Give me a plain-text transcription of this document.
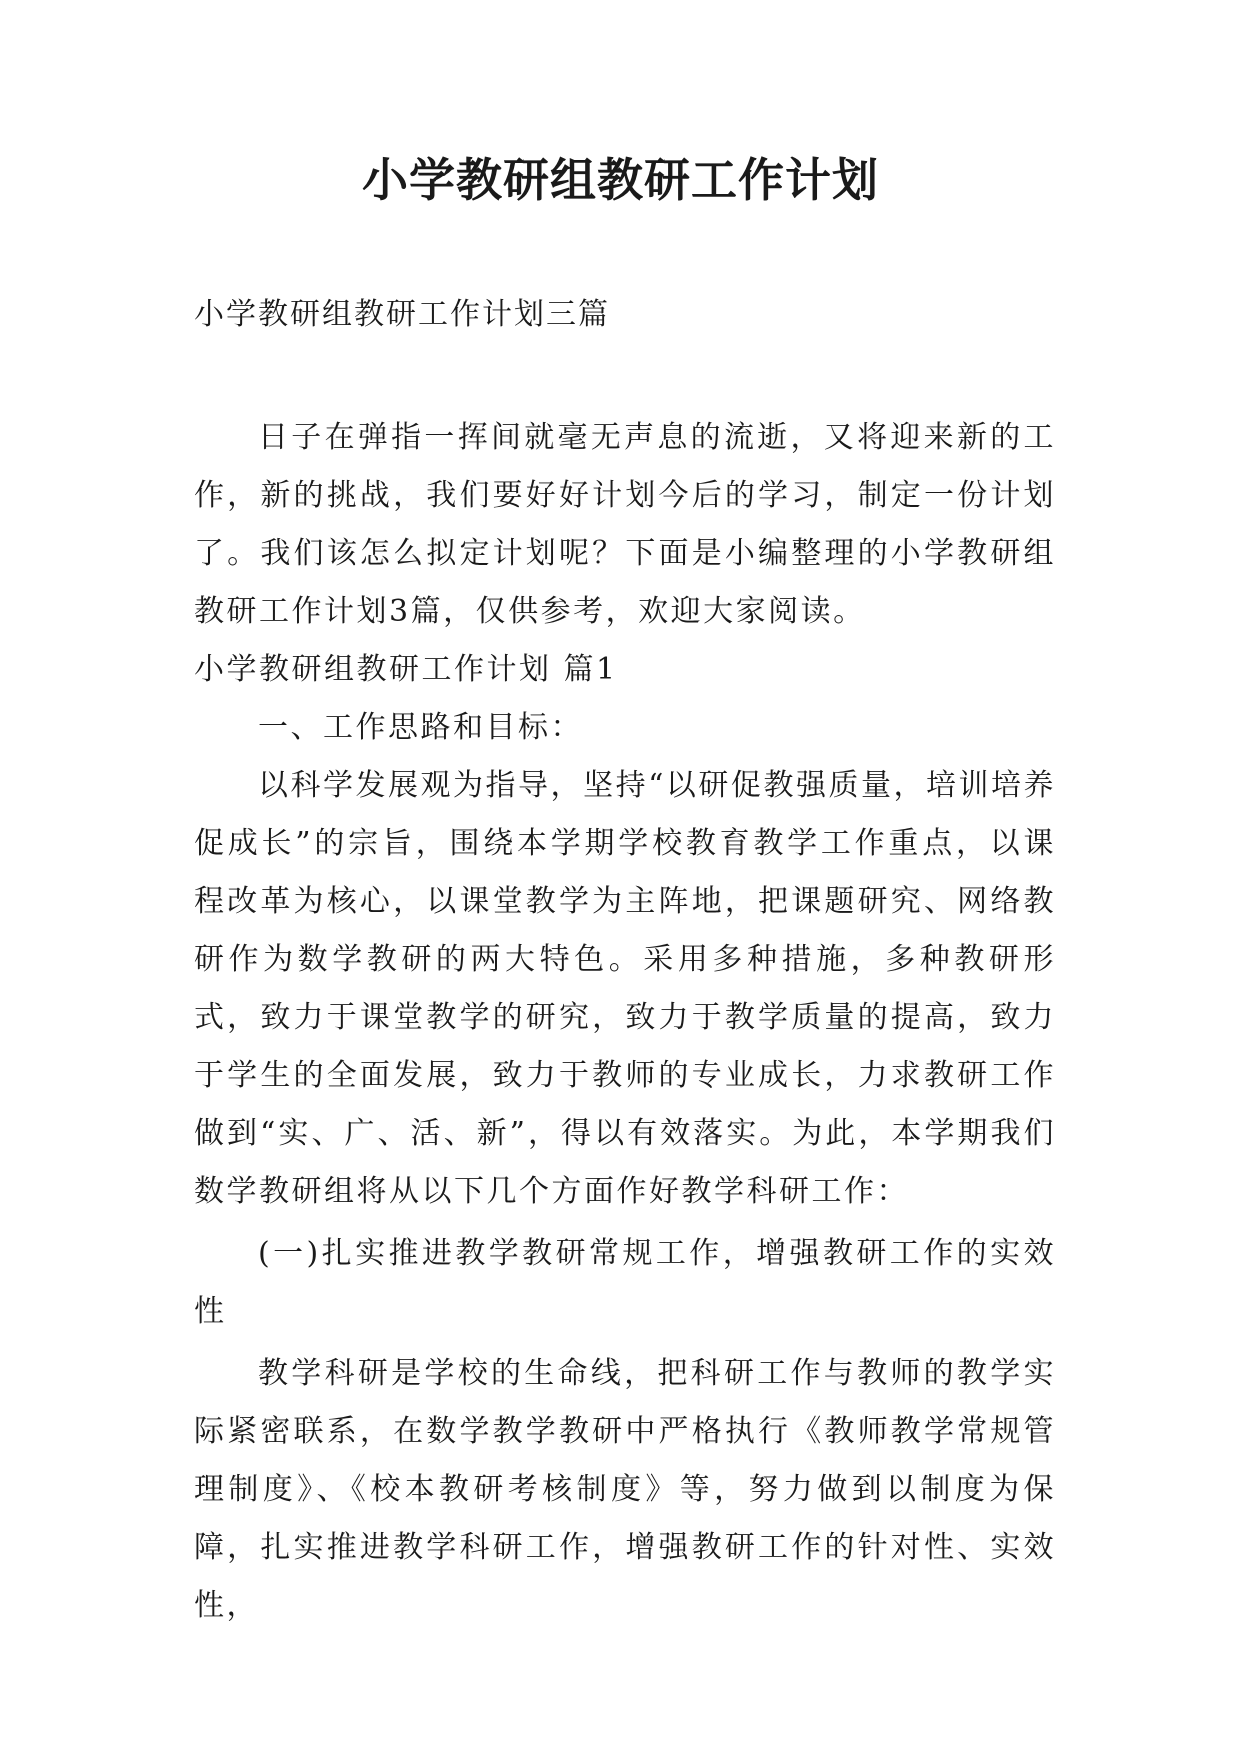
小学教研组教研工作计划

小学教研组教研工作计划三篇

日子在弹指一挥间就毫无声息的流逝，又将迎来新的工作，新的挑战，我们要好好计划今后的学习，制定一份计划了。我们该怎么拟定计划呢？下面是小编整理的小学教研组教研工作计划3篇，仅供参考，欢迎大家阅读。

小学教研组教研工作计划 篇1

一、工作思路和目标：

以科学发展观为指导，坚持“以研促教强质量，培训培养促成长”的宗旨，围绕本学期学校教育教学工作重点，以课程改革为核心，以课堂教学为主阵地，把课题研究、网络教研作为数学教研的两大特色。采用多种措施，多种教研形式，致力于课堂教学的研究，致力于教学质量的提高，致力于学生的全面发展，致力于教师的专业成长，力求教研工作做到“实、广、活、新”，得以有效落实。为此，本学期我们数学教研组将从以下几个方面作好教学科研工作：

(一)扎实推进教学教研常规工作，增强教研工作的实效性

教学科研是学校的生命线，把科研工作与教师的教学实际紧密联系，在数学教学教研中严格执行《教师教学常规管理制度》、《校本教研考核制度》等，努力做到以制度为保障，扎实推进教学科研工作，增强教研工作的针对性、实效性，
